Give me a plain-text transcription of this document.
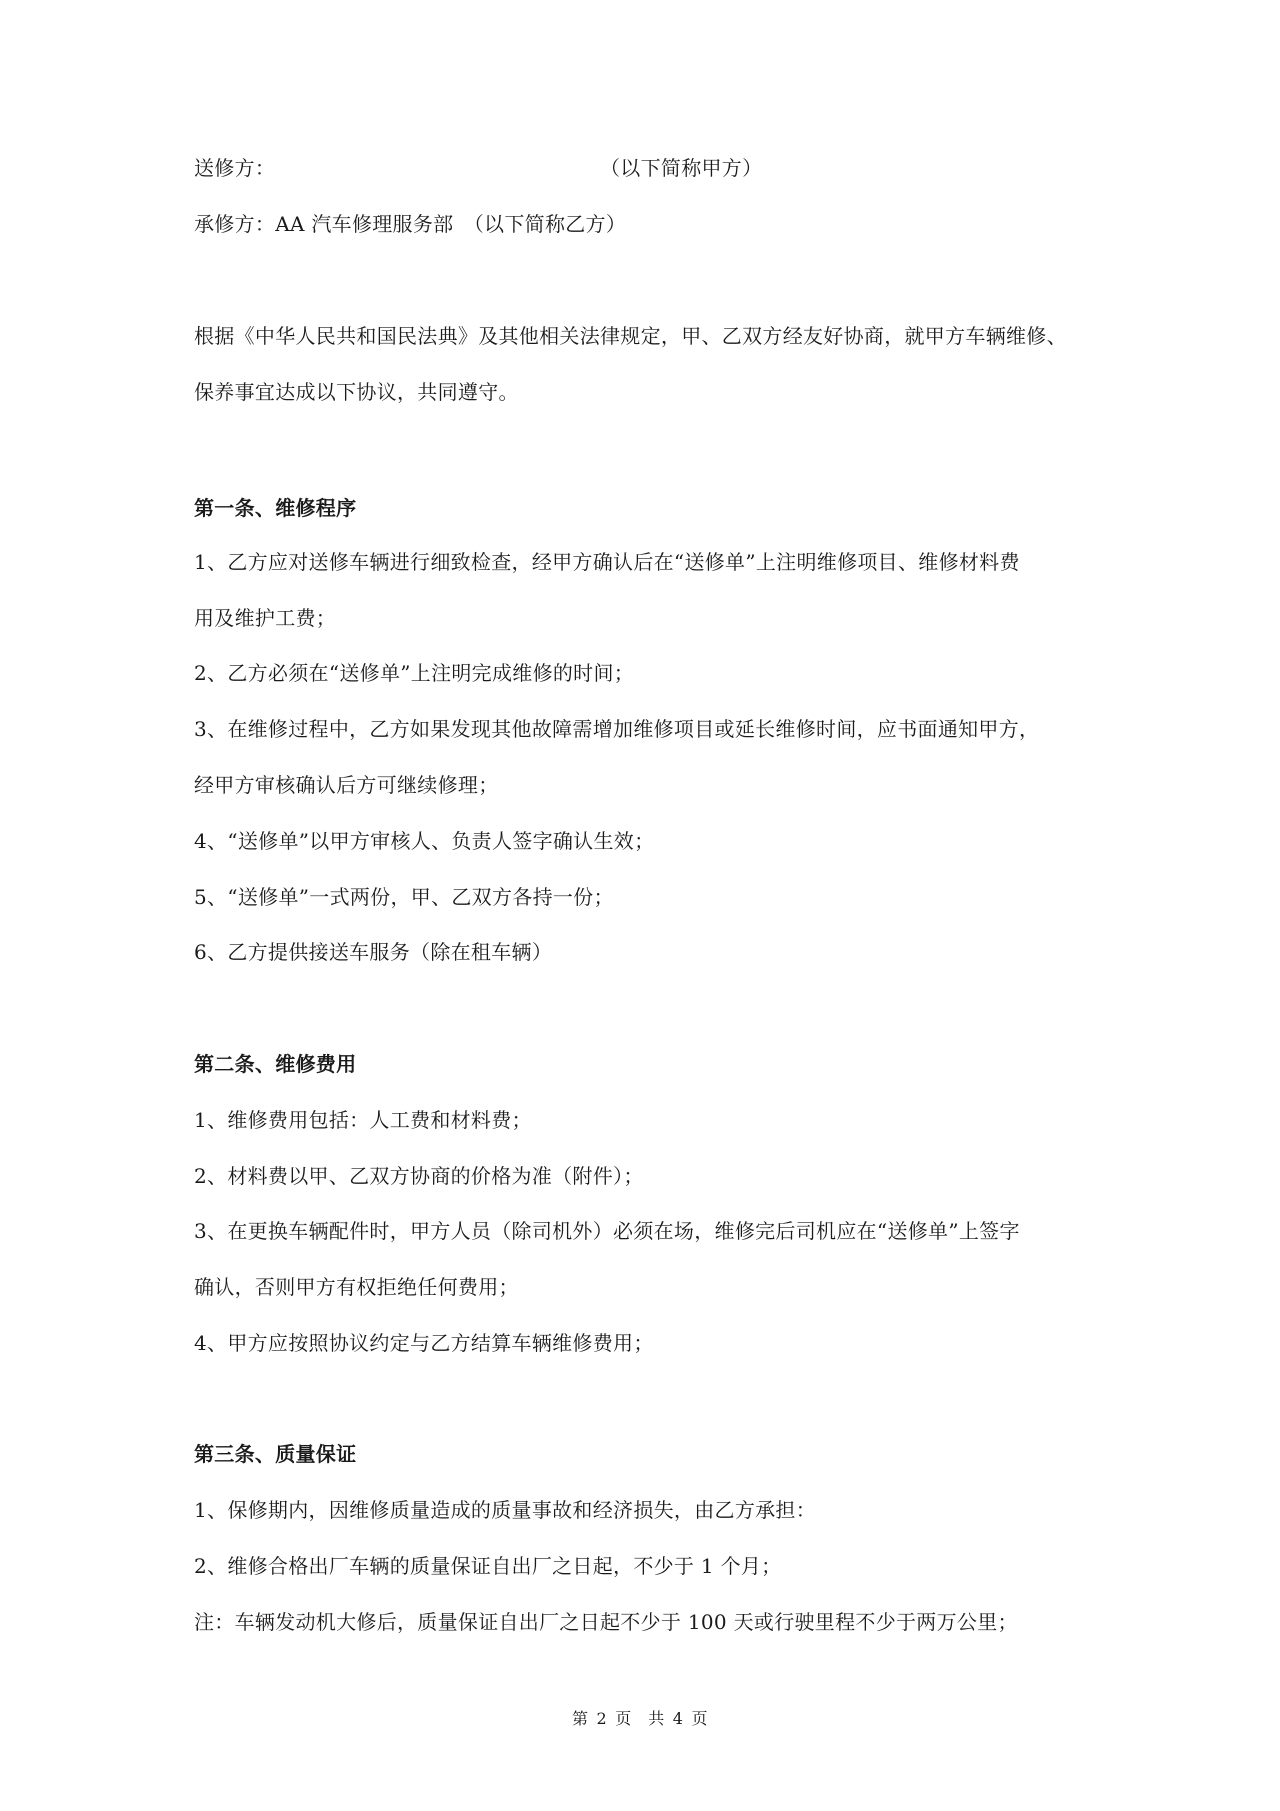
送修方：	（以下简称甲方）
承修方：AA 汽车修理服务部　（以下简称乙方）
根据《中华人民共和国民法典》及其他相关法律规定，甲、乙双方经友好协商，就甲方车辆维修、
保养事宜达成以下协议，共同遵守。
第一条、维修程序
1、乙方应对送修车辆进行细致检查，经甲方确认后在“送修单”上注明维修项目、维修材料费
用及维护工费；
2、乙方必须在“送修单”上注明完成维修的时间；
3、在维修过程中，乙方如果发现其他故障需增加维修项目或延长维修时间，应书面通知甲方，
经甲方审核确认后方可继续修理；
4、“送修单”以甲方审核人、负责人签字确认生效；
5、“送修单”一式两份，甲、乙双方各持一份；
6、乙方提供接送车服务（除在租车辆）
第二条、维修费用
1、维修费用包括：人工费和材料费；
2、材料费以甲、乙双方协商的价格为准（附件）；
3、在更换车辆配件时，甲方人员（除司机外）必须在场，维修完后司机应在“送修单”上签字
确认，否则甲方有权拒绝任何费用；
4、甲方应按照协议约定与乙方结算车辆维修费用；
第三条、质量保证
1、保修期内，因维修质量造成的质量事故和经济损失，由乙方承担：
2、维修合格出厂车辆的质量保证自出厂之日起，不少于 1 个月；
注：车辆发动机大修后，质量保证自出厂之日起不少于 100 天或行驶里程不少于两万公里；
第 2 页　共 4 页
